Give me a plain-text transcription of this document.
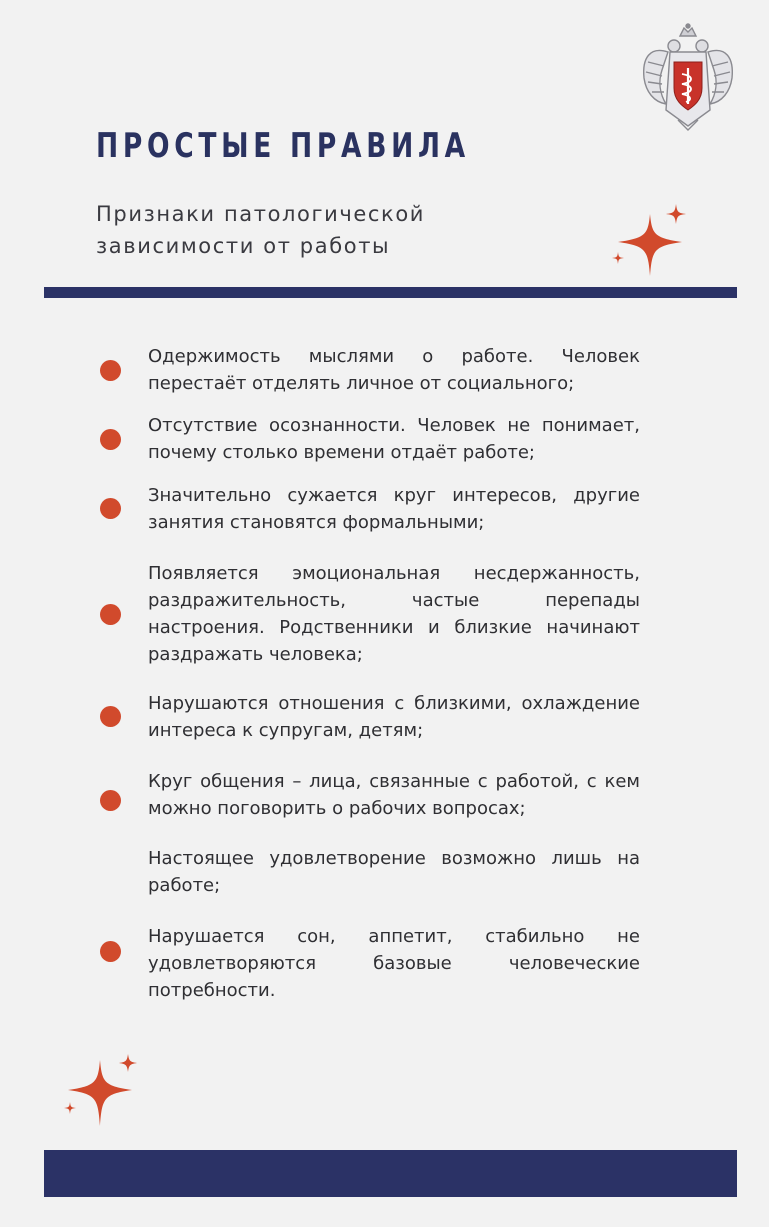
ПРОСТЫЕ ПРАВИЛА

Признаки патологической зависимости от работы

Одержимость мыслями о работе. Человек перестаёт отделять личное от социального;

Отсутствие осознанности. Человек не понимает, почему столько времени отдаёт работе;

Значительно сужается круг интересов, другие занятия становятся формальными;

Появляется эмоциональная несдержанность, раздражительность, частые перепады настроения. Родственники и близкие начинают раздражать человека;

Нарушаются отношения с близкими, охлаждение интереса к супругам, детям;

Круг общения – лица, связанные с работой, с кем можно поговорить о рабочих вопросах;

Настоящее удовлетворение возможно лишь на работе;

Нарушается сон, аппетит, стабильно не удовлетворяются базовые человеческие потребности.
